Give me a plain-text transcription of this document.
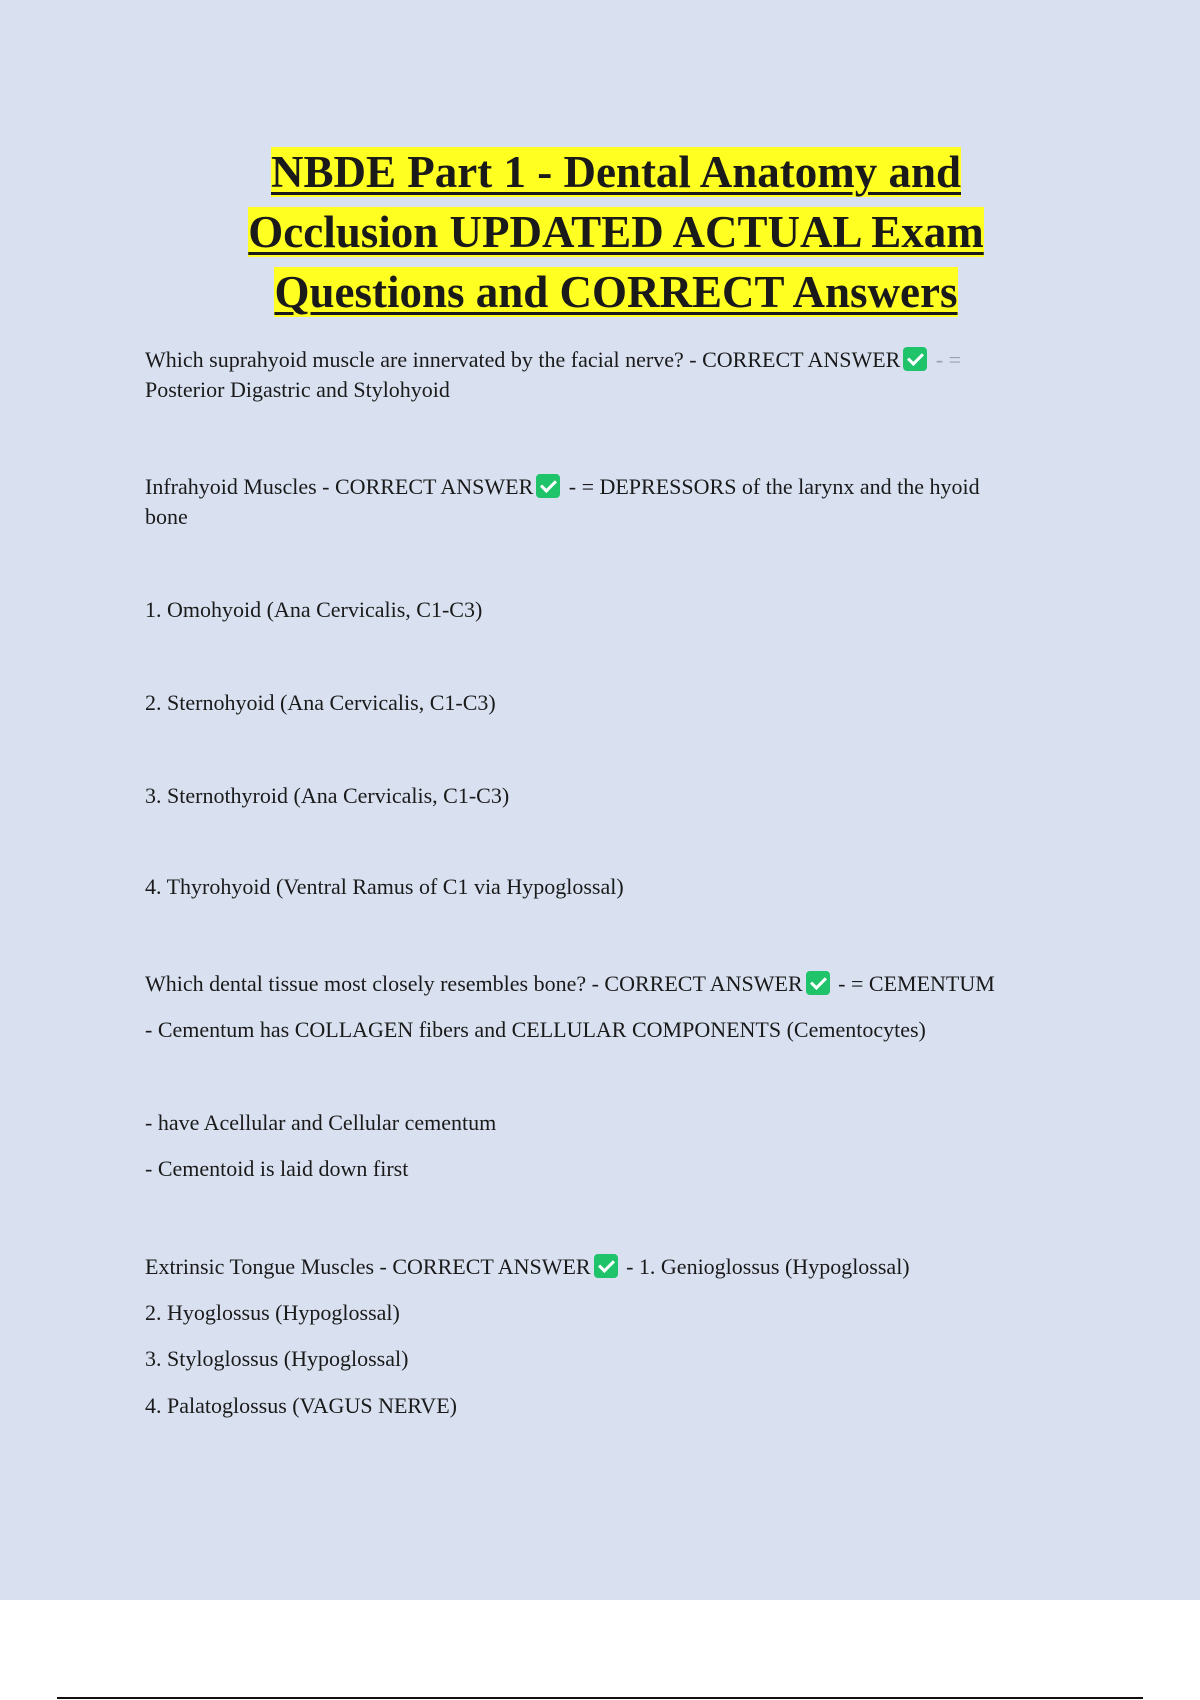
NBDE Part 1 - Dental Anatomy and
Occlusion UPDATED ACTUAL Exam
Questions and CORRECT Answers
Which suprahyoid muscle are innervated by the facial nerve? - CORRECT ANSWER - =
Posterior Digastric and Stylohyoid
Infrahyoid Muscles - CORRECT ANSWER - = DEPRESSORS of the larynx and the hyoid
bone
1. Omohyoid (Ana Cervicalis, C1-C3)
2. Sternohyoid (Ana Cervicalis, C1-C3)
3. Sternothyroid (Ana Cervicalis, C1-C3)
4. Thyrohyoid (Ventral Ramus of C1 via Hypoglossal)
Which dental tissue most closely resembles bone? - CORRECT ANSWER - = CEMENTUM
- Cementum has COLLAGEN fibers and CELLULAR COMPONENTS (Cementocytes)
- have Acellular and Cellular cementum
- Cementoid is laid down first
Extrinsic Tongue Muscles - CORRECT ANSWER - 1. Genioglossus (Hypoglossal)
2. Hyoglossus (Hypoglossal)
3. Styloglossus (Hypoglossal)
4. Palatoglossus (VAGUS NERVE)
